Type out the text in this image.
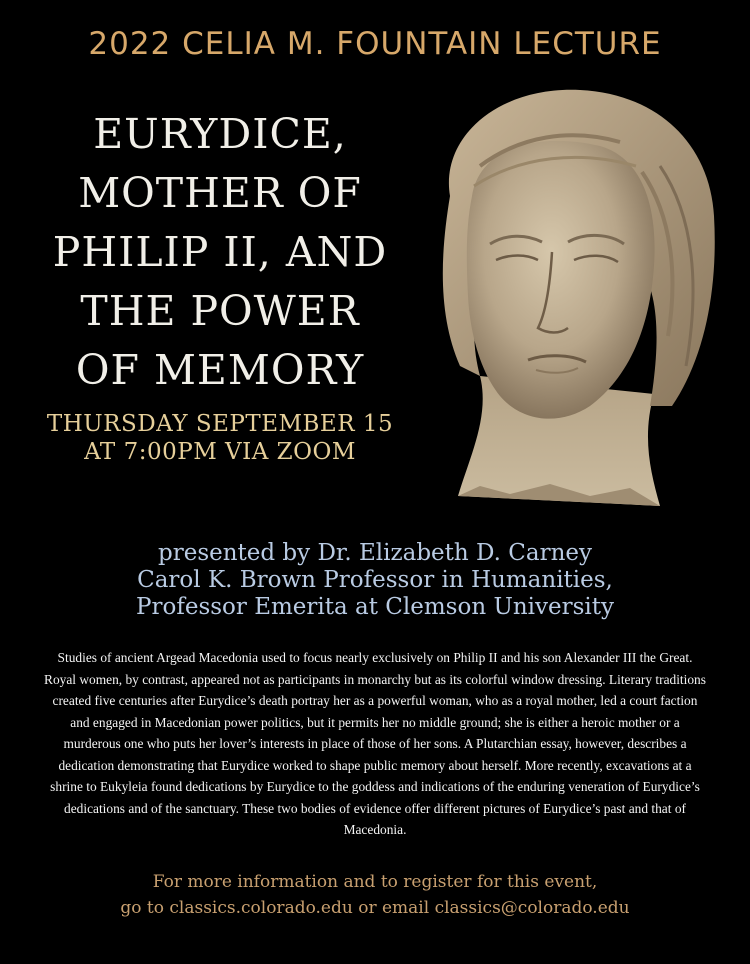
2022 CELIA M. FOUNTAIN LECTURE
EURYDICE,
MOTHER OF
PHILIP II, AND
THE POWER
OF MEMORY
THURSDAY SEPTEMBER 15
AT 7:00PM VIA ZOOM
presented by Dr. Elizabeth D. Carney
Carol K. Brown Professor in Humanities,
Professor Emerita at Clemson University
Studies of ancient Argead Macedonia used to focus nearly exclusively on Philip II and his son Alexander III the Great. Royal women, by contrast, appeared not as participants in monarchy but as its colorful window dressing. Literary traditions created five centuries after Eurydice’s death portray her as a powerful woman, who as a royal mother, led a court faction and engaged in Macedonian power politics, but it permits her no middle ground; she is either a heroic mother or a murderous one who puts her lover’s interests in place of those of her sons. A Plutarchian essay, however, describes a dedication demonstrating that Eurydice worked to shape public memory about herself. More recently, excavations at a shrine to Eukyleia found dedications by Eurydice to the goddess and indications of the enduring veneration of Eurydice’s dedications and of the sanctuary. These two bodies of evidence offer different pictures of Eurydice’s past and that of Macedonia.
For more information and to register for this event,
go to classics.colorado.edu or email classics@colorado.edu
